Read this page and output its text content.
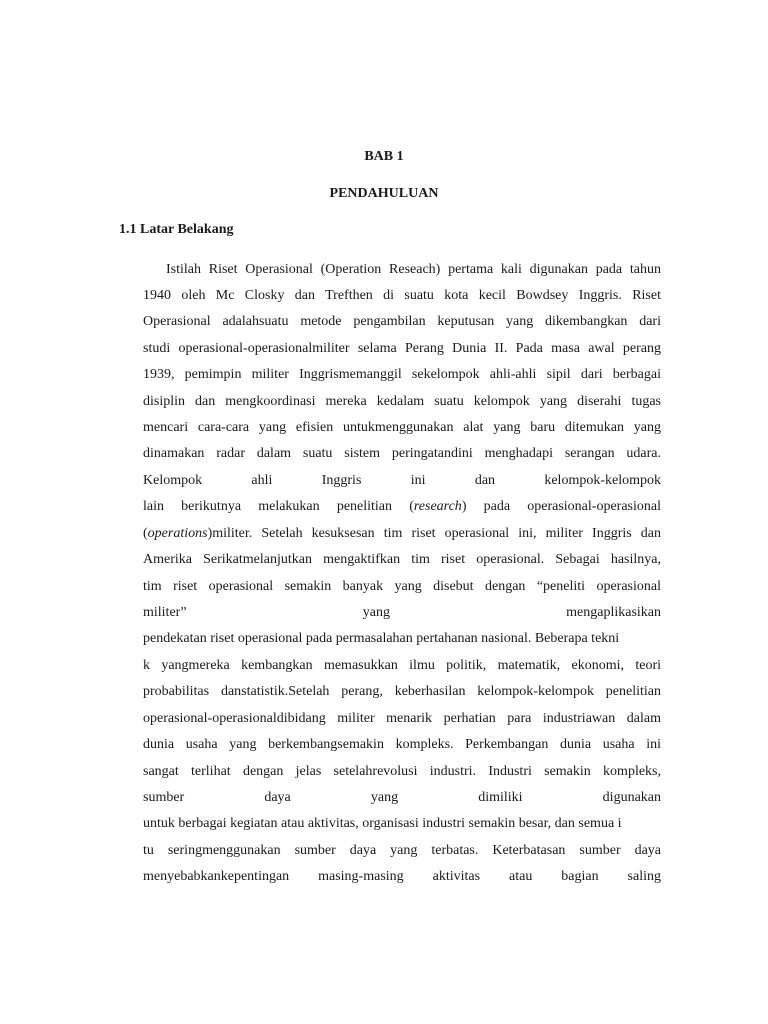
BAB 1
PENDAHULUAN
1.1 Latar Belakang
Istilah Riset Operasional (Operation Reseach) pertama kali digunakan pada tahun
1940 oleh Mc Closky dan Trefthen di suatu kota kecil Bowdsey Inggris. Riset
Operasional adalahsuatu metode pengambilan keputusan yang dikembangkan dari
studi operasional-operasionalmiliter selama Perang Dunia II. Pada masa awal perang
1939, pemimpin militer Inggrismemanggil sekelompok ahli-ahli sipil dari berbagai
disiplin dan mengkoordinasi mereka kedalam suatu kelompok yang diserahi tugas
mencari cara-cara yang efisien untukmenggunakan alat yang baru ditemukan yang
dinamakan radar dalam suatu sistem peringatandini menghadapi serangan udara.
Kelompok ahli Inggris ini dan kelompok-kelompok
lain berikutnya melakukan penelitian (research) pada operasional-operasional
(operations)militer. Setelah kesuksesan tim riset operasional ini, militer Inggris dan
Amerika Serikatmelanjutkan mengaktifkan tim riset operasional. Sebagai hasilnya,
tim riset operasional semakin banyak yang disebut dengan “peneliti operasional
militer” yang mengaplikasikan
pendekatan riset operasional pada permasalahan pertahanan nasional. Beberapa tekni
k yangmereka kembangkan memasukkan ilmu politik, matematik, ekonomi, teori
probabilitas danstatistik.Setelah perang, keberhasilan kelompok-kelompok penelitian
operasional-operasionaldibidang militer menarik perhatian para industriawan dalam
dunia usaha yang berkembangsemakin kompleks. Perkembangan dunia usaha ini
sangat terlihat dengan jelas setelahrevolusi industri. Industri semakin kompleks,
sumber daya yang dimiliki digunakan
untuk berbagai kegiatan atau aktivitas, organisasi industri semakin besar, dan semua i
tu seringmenggunakan sumber daya yang terbatas. Keterbatasan sumber daya
menyebabkankepentingan masing-masing aktivitas atau bagian saling
